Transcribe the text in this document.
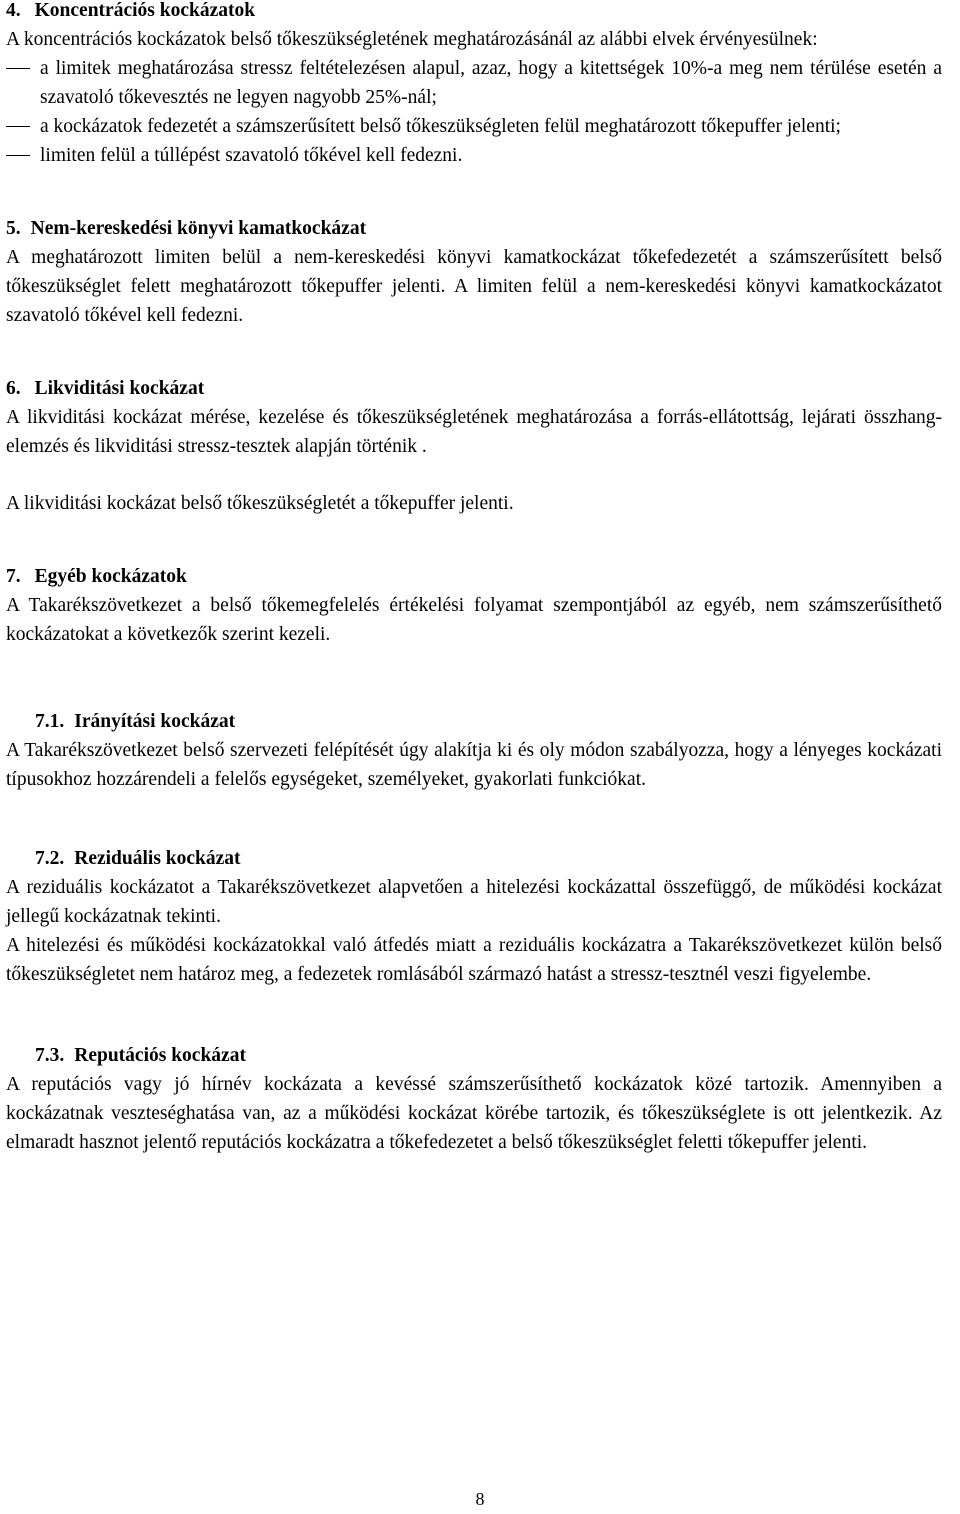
4. Koncentrációs kockázatok

A koncentrációs kockázatok belső tőkeszükségletének meghatározásánál az alábbi elvek érvényesülnek:

a limitek meghatározása stressz feltételezésen alapul, azaz, hogy a kitettségek 10%-a meg nem térülése esetén a szavatoló tőkevesztés ne legyen nagyobb 25%-nál;
a kockázatok fedezetét a számszerűsített belső tőkeszükségleten felül meghatározott tőkepuffer jelenti;
limiten felül a túllépést szavatoló tőkével kell fedezni.

5. Nem-kereskedési könyvi kamatkockázat

A meghatározott limiten belül a nem-kereskedési könyvi kamatkockázat tőkefedezetét a számszerűsített belső tőkeszükséglet felett meghatározott tőkepuffer jelenti. A limiten felül a nem-kereskedési könyvi kamatkockázatot szavatoló tőkével kell fedezni.

6. Likviditási kockázat

A likviditási kockázat mérése, kezelése és tőkeszükségletének meghatározása a forrás-ellátottság, lejárati összhang-elemzés és likviditási stressz-tesztek alapján történik .

A likviditási kockázat belső tőkeszükségletét a tőkepuffer jelenti.

7. Egyéb kockázatok

A Takarékszövetkezet a belső tőkemegfelelés értékelési folyamat szempontjából az egyéb, nem számszerűsíthető kockázatokat a következők szerint kezeli.

7.1. Irányítási kockázat

A Takarékszövetkezet belső szervezeti felépítését úgy alakítja ki és oly módon szabályozza, hogy a lényeges kockázati típusokhoz hozzárendeli a felelős egységeket, személyeket, gyakorlati funkciókat.

7.2. Reziduális kockázat

A reziduális kockázatot a Takarékszövetkezet alapvetően a hitelezési kockázattal összefüggő, de működési kockázat jellegű kockázatnak tekinti.

A hitelezési és működési kockázatokkal való átfedés miatt a reziduális kockázatra a Takarékszövetkezet külön belső tőkeszükségletet nem határoz meg, a fedezetek romlásából származó hatást a stressz-tesztnél veszi figyelembe.

7.3. Reputációs kockázat

A reputációs vagy jó hírnév kockázata a kevéssé számszerűsíthető kockázatok közé tartozik. Amennyiben a kockázatnak veszteséghatása van, az a működési kockázat körébe tartozik, és tőkeszükséglete is ott jelentkezik. Az elmaradt hasznot jelentő reputációs kockázatra a tőkefedezetet a belső tőkeszükséglet feletti tőkepuffer jelenti.

8
